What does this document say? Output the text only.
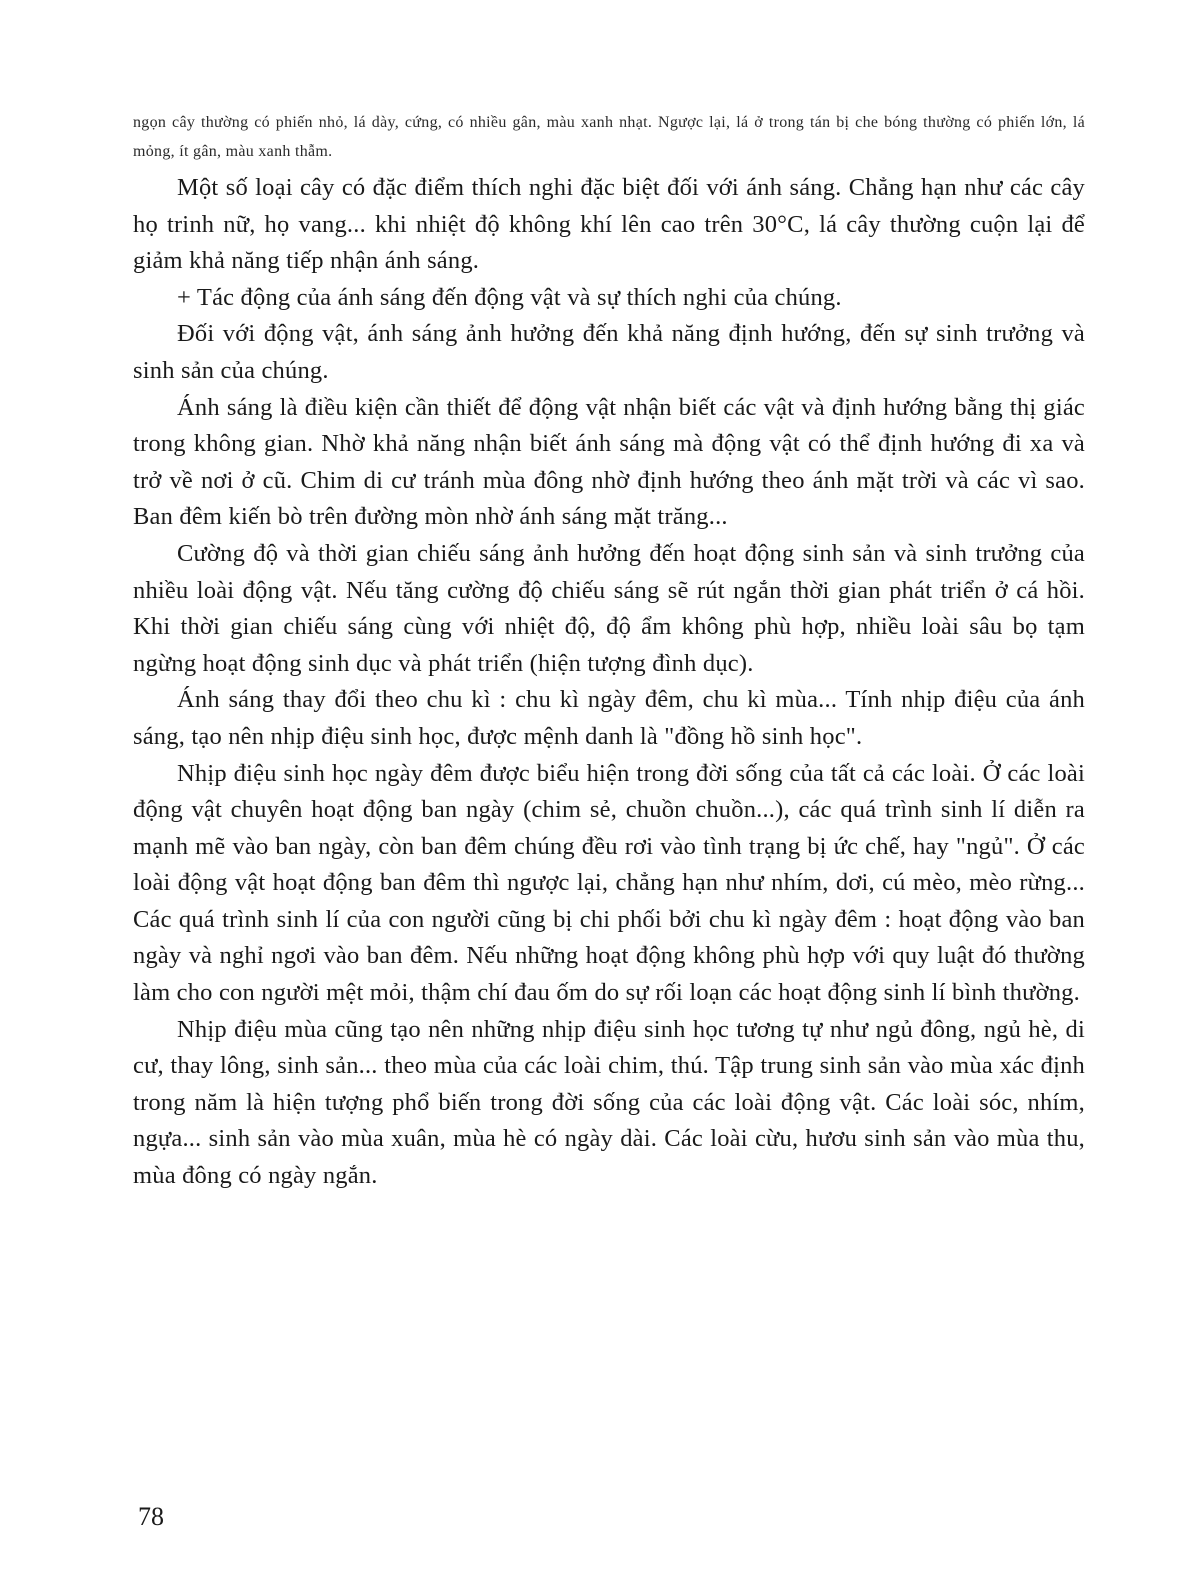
ngọn cây thường có phiến nhỏ, lá dày, cứng, có nhiều gân, màu xanh nhạt. Ngược lại, lá ở trong tán bị che bóng thường có phiến lớn, lá mỏng, ít gân, màu xanh thẫm.

Một số loại cây có đặc điểm thích nghi đặc biệt đối với ánh sáng. Chẳng hạn như các cây họ trinh nữ, họ vang... khi nhiệt độ không khí lên cao trên 30°C, lá cây thường cuộn lại để giảm khả năng tiếp nhận ánh sáng.

+ Tác động của ánh sáng đến động vật và sự thích nghi của chúng.

Đối với động vật, ánh sáng ảnh hưởng đến khả năng định hướng, đến sự sinh trưởng và sinh sản của chúng.

Ánh sáng là điều kiện cần thiết để động vật nhận biết các vật và định hướng bằng thị giác trong không gian. Nhờ khả năng nhận biết ánh sáng mà động vật có thể định hướng đi xa và trở về nơi ở cũ. Chim di cư tránh mùa đông nhờ định hướng theo ánh mặt trời và các vì sao. Ban đêm kiến bò trên đường mòn nhờ ánh sáng mặt trăng...

Cường độ và thời gian chiếu sáng ảnh hưởng đến hoạt động sinh sản và sinh trưởng của nhiều loài động vật. Nếu tăng cường độ chiếu sáng sẽ rút ngắn thời gian phát triển ở cá hồi. Khi thời gian chiếu sáng cùng với nhiệt độ, độ ẩm không phù hợp, nhiều loài sâu bọ tạm ngừng hoạt động sinh dục và phát triển (hiện tượng đình dục).

Ánh sáng thay đổi theo chu kì : chu kì ngày đêm, chu kì mùa... Tính nhịp điệu của ánh sáng, tạo nên nhịp điệu sinh học, được mệnh danh là "đồng hồ sinh học".

Nhịp điệu sinh học ngày đêm được biểu hiện trong đời sống của tất cả các loài. Ở các loài động vật chuyên hoạt động ban ngày (chim sẻ, chuồn chuồn...), các quá trình sinh lí diễn ra mạnh mẽ vào ban ngày, còn ban đêm chúng đều rơi vào tình trạng bị ức chế, hay "ngủ". Ở các loài động vật hoạt động ban đêm thì ngược lại, chẳng hạn như nhím, dơi, cú mèo, mèo rừng... Các quá trình sinh lí của con người cũng bị chi phối bởi chu kì ngày đêm : hoạt động vào ban ngày và nghỉ ngơi vào ban đêm. Nếu những hoạt động không phù hợp với quy luật đó thường làm cho con người mệt mỏi, thậm chí đau ốm do sự rối loạn các hoạt động sinh lí bình thường.

Nhịp điệu mùa cũng tạo nên những nhịp điệu sinh học tương tự như ngủ đông, ngủ hè, di cư, thay lông, sinh sản... theo mùa của các loài chim, thú. Tập trung sinh sản vào mùa xác định trong năm là hiện tượng phổ biến trong đời sống của các loài động vật. Các loài sóc, nhím, ngựa... sinh sản vào mùa xuân, mùa hè có ngày dài. Các loài cừu, hươu sinh sản vào mùa thu, mùa đông có ngày ngắn.

78
